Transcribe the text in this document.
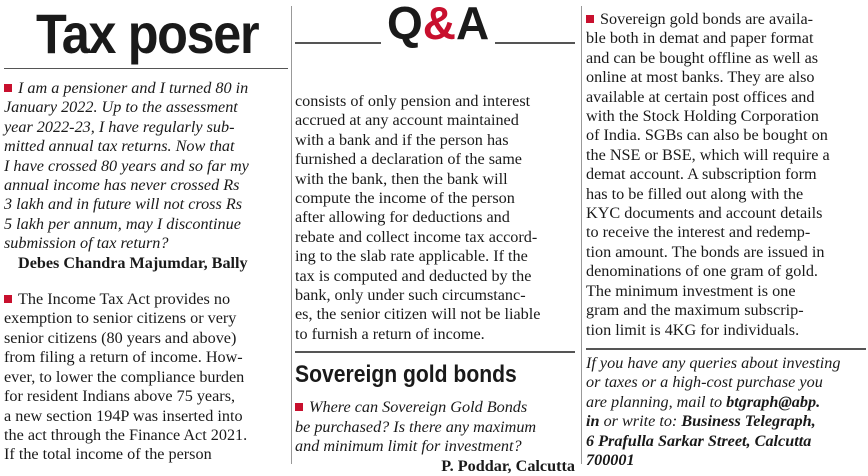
Tax poser

I am a pensioner and I turned 80 in

January 2022. Up to the assessment

year 2022-23, I have regularly sub-

mitted annual tax returns. Now that

I have crossed 80 years and so far my

annual income has never crossed Rs

3 lakh and in future will not cross Rs

5 lakh per annum, may I discontinue

submission of tax return?

Debes Chandra Majumdar, Bally

The Income Tax Act provides no

exemption to senior citizens or very

senior citizens (80 years and above)

from filing a return of income. How-

ever, to lower the compliance burden

for resident Indians above 75 years,

a new section 194P was inserted into

the act through the Finance Act 2021.

If the total income of the person

Q&A

consists of only pension and interest

accrued at any account maintained

with a bank and if the person has

furnished a declaration of the same

with the bank, then the bank will

compute the income of the person

after allowing for deductions and

rebate and collect income tax accord-

ing to the slab rate applicable. If the

tax is computed and deducted by the

bank, only under such circumstanc-

es, the senior citizen will not be liable

to furnish a return of income.

Sovereign gold bonds

Where can Sovereign Gold Bonds

be purchased? Is there any maximum

and minimum limit for investment?

P. Poddar, Calcutta

Sovereign gold bonds are availa-

ble both in demat and paper format

and can be bought offline as well as

online at most banks. They are also

available at certain post offices and

with the Stock Holding Corporation

of India. SGBs can also be bought on

the NSE or BSE, which will require a

demat account. A subscription form

has to be filled out along with the

KYC documents and account details

to receive the interest and redemp-

tion amount. The bonds are issued in

denominations of one gram of gold.

The minimum investment is one

gram and the maximum subscrip-

tion limit is 4KG for individuals.

If you have any queries about investing

or taxes or a high-cost purchase you

are planning, mail to btgraph@abp.

in or write to: Business Telegraph,

6 Prafulla Sarkar Street, Calcutta

700001
